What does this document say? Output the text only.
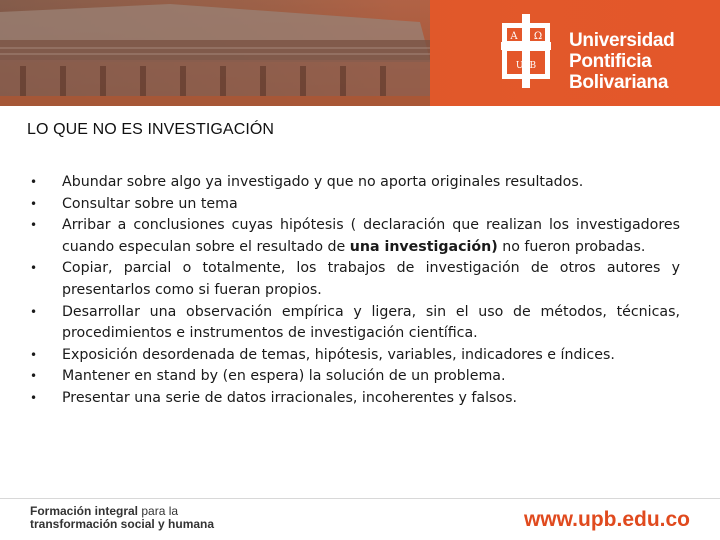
A Ω
UPB
Universidad
Pontificia
Bolivariana
LO QUE NO ES INVESTIGACIÓN
•	Abundar sobre algo ya investigado y que no aporta originales resultados.
•	Consultar sobre un tema
•	Arribar a conclusiones cuyas hipótesis ( declaración que realizan los investigadores cuando especulan sobre el resultado de una investigación) no fueron probadas.
•	Copiar, parcial o totalmente, los trabajos de investigación de otros autores y presentarlos como si fueran propios.
•	Desarrollar una observación empírica y ligera, sin el uso de métodos, técnicas, procedimientos e instrumentos de investigación científica.
•	Exposición desordenada de temas, hipótesis, variables, indicadores e índices.
•	Mantener en stand by (en espera) la solución de un problema.
•	Presentar una serie de datos irracionales, incoherentes y falsos.
Formación integral para la
transformación social y humana	www.upb.edu.co
